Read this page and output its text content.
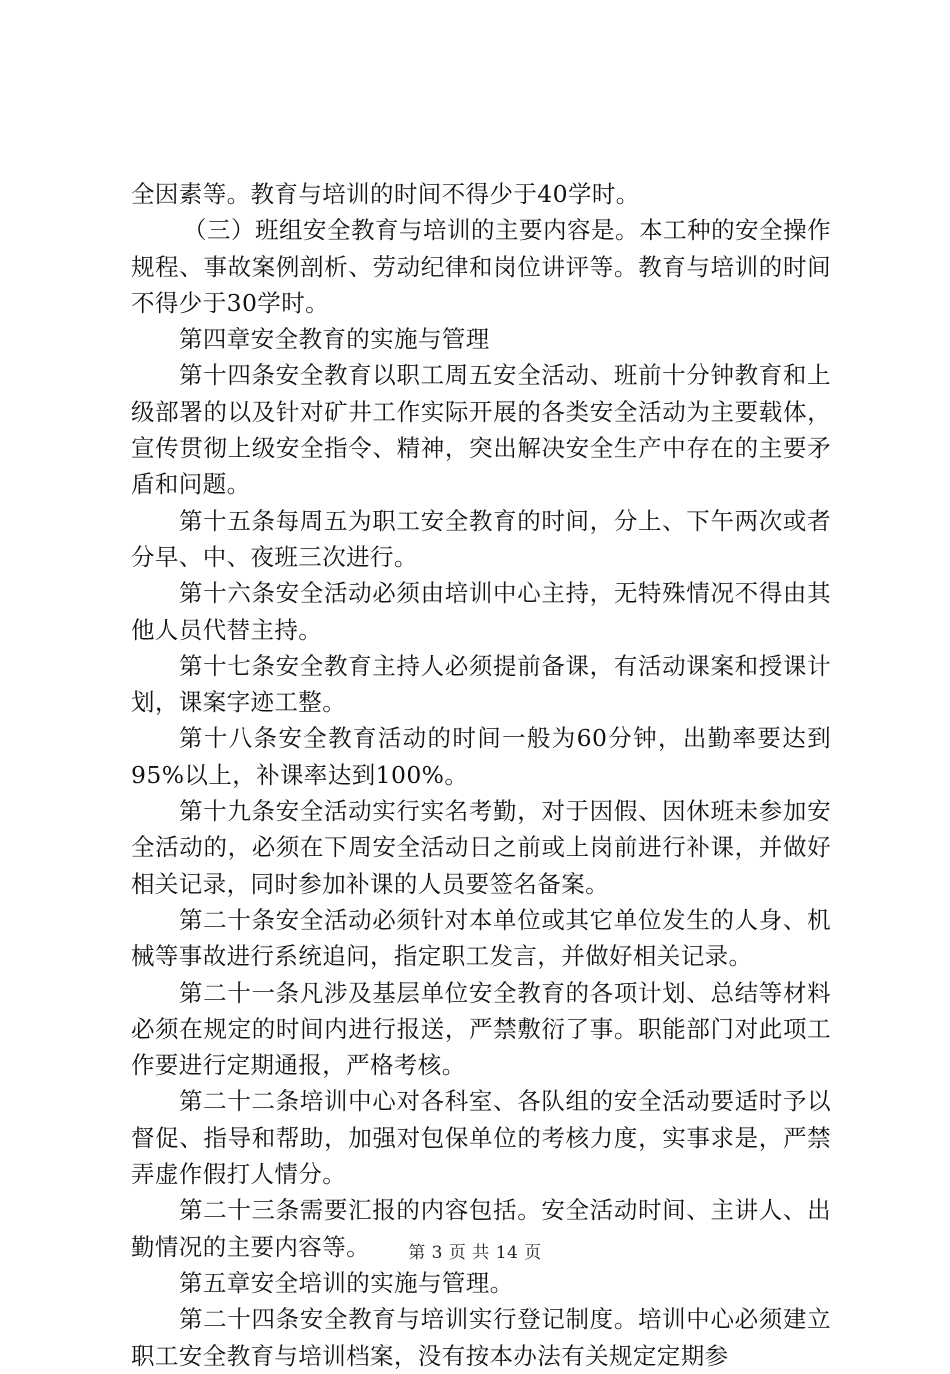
全因素等。教育与培训的时间不得少于40学时。

（三）班组安全教育与培训的主要内容是。本工种的安全操作规程、事故案例剖析、劳动纪律和岗位讲评等。教育与培训的时间不得少于30学时。

第四章安全教育的实施与管理

第十四条安全教育以职工周五安全活动、班前十分钟教育和上级部署的以及针对矿井工作实际开展的各类安全活动为主要载体，宣传贯彻上级安全指令、精神，突出解决安全生产中存在的主要矛盾和问题。

第十五条每周五为职工安全教育的时间，分上、下午两次或者分早、中、夜班三次进行。

第十六条安全活动必须由培训中心主持，无特殊情况不得由其他人员代替主持。

第十七条安全教育主持人必须提前备课，有活动课案和授课计划，课案字迹工整。

第十八条安全教育活动的时间一般为60分钟，出勤率要达到95%以上，补课率达到100%。

第十九条安全活动实行实名考勤，对于因假、因休班未参加安全活动的，必须在下周安全活动日之前或上岗前进行补课，并做好相关记录，同时参加补课的人员要签名备案。

第二十条安全活动必须针对本单位或其它单位发生的人身、机械等事故进行系统追问，指定职工发言，并做好相关记录。

第二十一条凡涉及基层单位安全教育的各项计划、总结等材料必须在规定的时间内进行报送，严禁敷衍了事。职能部门对此项工作要进行定期通报，严格考核。

第二十二条培训中心对各科室、各队组的安全活动要适时予以督促、指导和帮助，加强对包保单位的考核力度，实事求是，严禁弄虚作假打人情分。

第二十三条需要汇报的内容包括。安全活动时间、主讲人、出勤情况的主要内容等。

第五章安全培训的实施与管理。

第二十四条安全教育与培训实行登记制度。培训中心必须建立职工安全教育与培训档案，没有按本办法有关规定定期参

第 3 页 共 14 页
